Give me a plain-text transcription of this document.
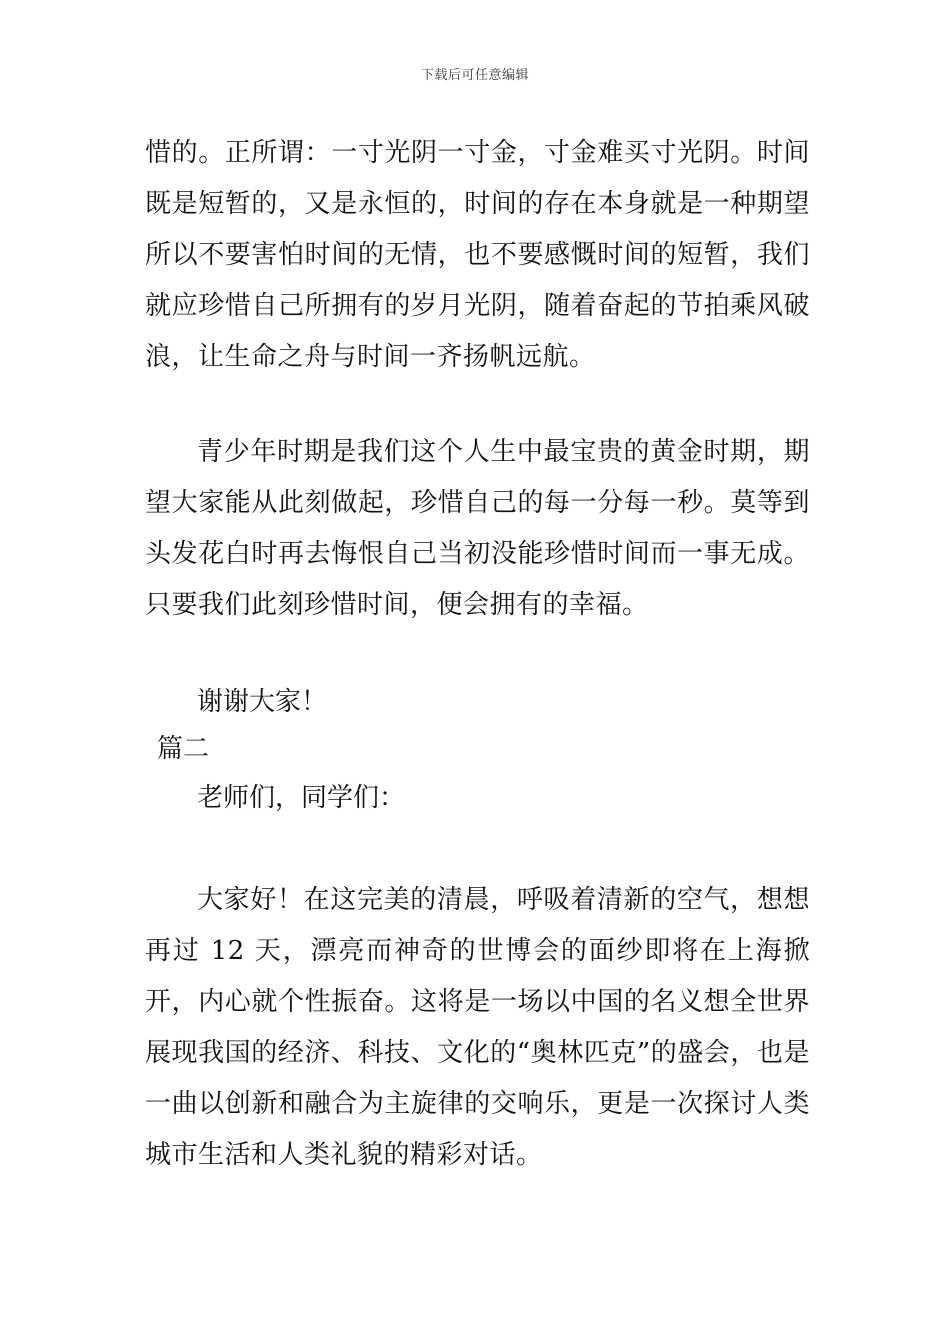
下载后可任意编辑

惜的。正所谓：一寸光阴一寸金，寸金难买寸光阴。时间既是短暂的，又是永恒的，时间的存在本身就是一种期望所以不要害怕时间的无情，也不要感慨时间的短暂，我们就应珍惜自己所拥有的岁月光阴，随着奋起的节拍乘风破浪，让生命之舟与时间一齐扬帆远航。

青少年时期是我们这个人生中最宝贵的黄金时期，期望大家能从此刻做起，珍惜自己的每一分每一秒。莫等到头发花白时再去悔恨自己当初没能珍惜时间而一事无成。只要我们此刻珍惜时间，便会拥有的幸福。

谢谢大家！

篇二

老师们，同学们：

大家好！在这完美的清晨，呼吸着清新的空气，想想再过 12 天，漂亮而神奇的世博会的面纱即将在上海掀开，内心就个性振奋。这将是一场以中国的名义想全世界展现我国的经济、科技、文化的“奥林匹克”的盛会，也是一曲以创新和融合为主旋律的交响乐，更是一次探讨人类城市生活和人类礼貌的精彩对话。
